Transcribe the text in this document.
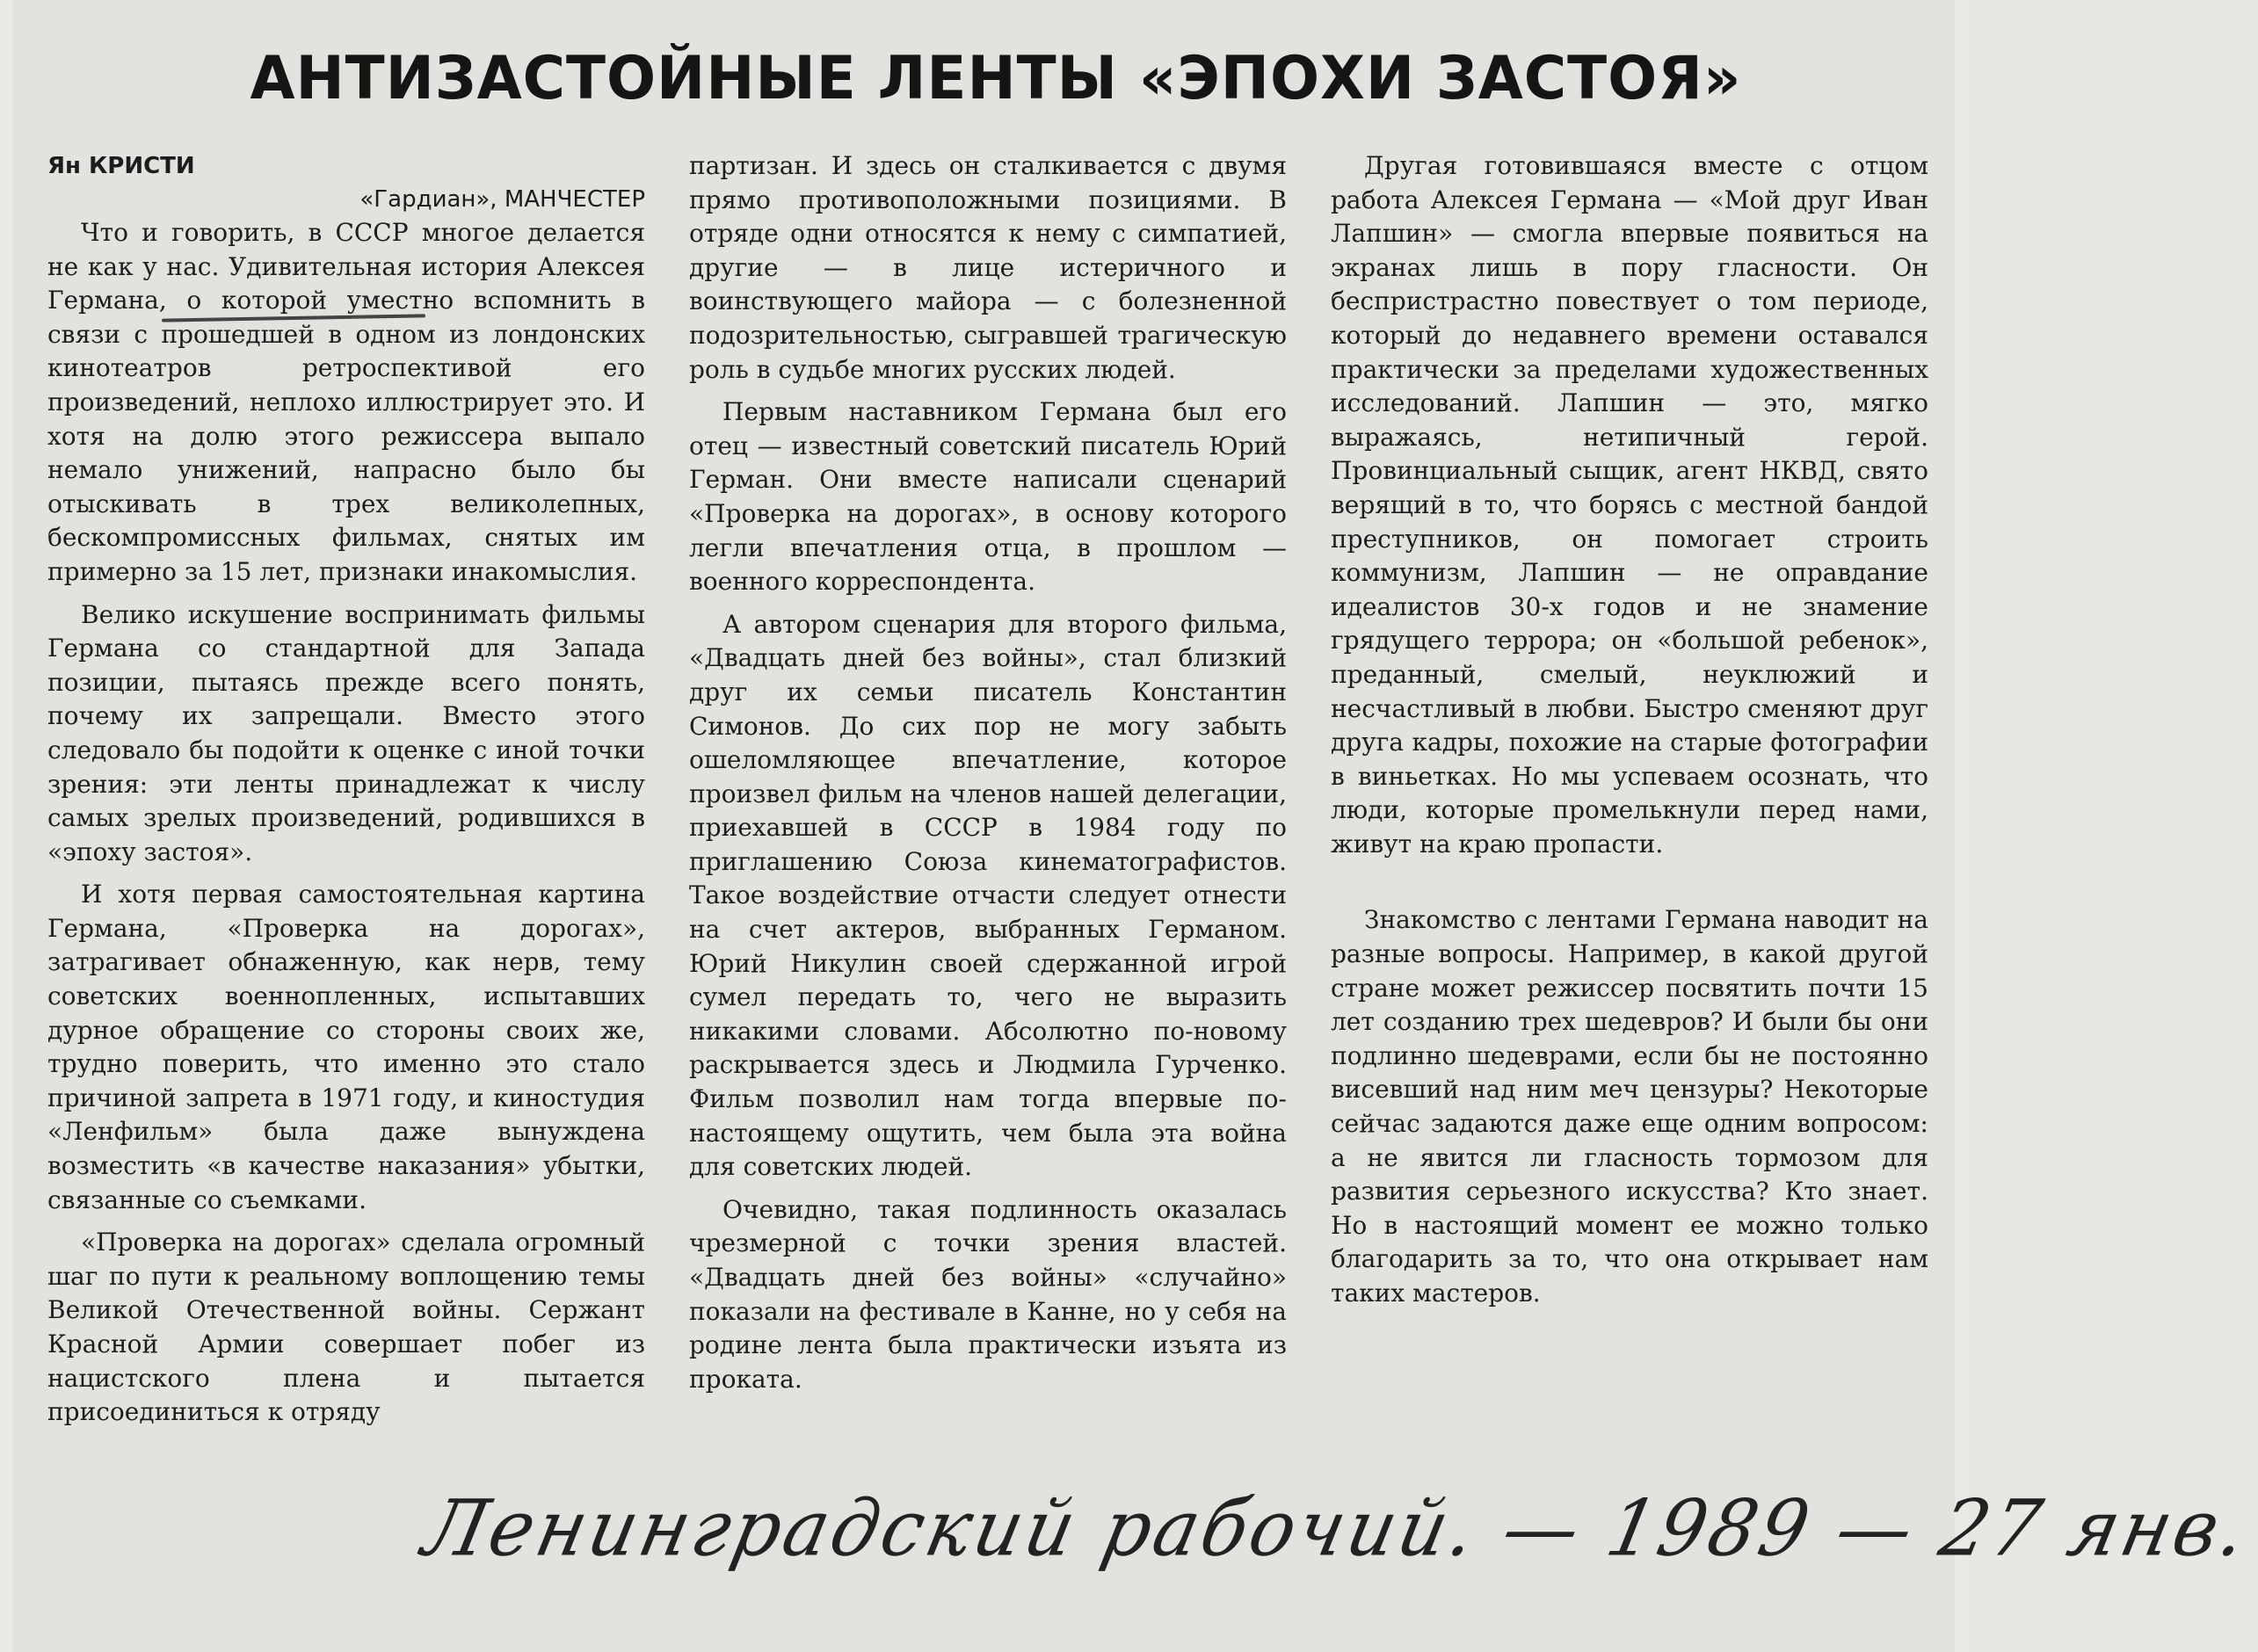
АНТИЗАСТОЙНЫЕ ЛЕНТЫ «ЭПОХИ ЗАСТОЯ»
Ян КРИСТИ
«Гардиан», МАНЧЕСТЕР

Что и говорить, в СССР многое делается не как у нас. Удивительная история Алексея Германа, о которой уместно вспомнить в связи с прошедшей в одном из лондонских кинотеатров ретроспективой его произведений, неплохо иллюстрирует это. И хотя на долю этого режиссера выпало немало унижений, напрасно было бы отыскивать в трех великолепных, бескомпромиссных фильмах, снятых им примерно за 15 лет, признаки инакомыслия.

Велико искушение воспринимать фильмы Германа со стандартной для Запада позиции, пытаясь прежде всего понять, почему их запрещали. Вместо этого следовало бы подойти к оценке с иной точки зрения: эти ленты принадлежат к числу самых зрелых произведений, родившихся в «эпоху застоя».

И хотя первая самостоятельная картина Германа, «Проверка на дорогах», затрагивает обнаженную, как нерв, тему советских военнопленных, испытавших дурное обращение со стороны своих же, трудно поверить, что именно это стало причиной запрета в 1971 году, и киностудия «Ленфильм» была даже вынуждена возместить «в качестве наказания» убытки, связанные со съемками.

«Проверка на дорогах» сделала огромный шаг по пути к реальному воплощению темы Великой Отечественной войны. Сержант Красной Армии совершает побег из нацистского плена и пытается присоединиться к отряду

партизан. И здесь он сталкивается с двумя прямо противоположными позициями. В отряде одни относятся к нему с симпатией, другие — в лице истеричного и воинствующего майора — с болезненной подозрительностью, сыгравшей трагическую роль в судьбе многих русских людей.

Первым наставником Германа был его отец — известный советский писатель Юрий Герман. Они вместе написали сценарий «Проверка на дорогах», в основу которого легли впечатления отца, в прошлом — военного корреспондента.

А автором сценария для второго фильма, «Двадцать дней без войны», стал близкий друг их семьи писатель Константин Симонов. До сих пор не могу забыть ошеломляющее впечатление, которое произвел фильм на членов нашей делегации, приехавшей в СССР в 1984 году по приглашению Союза кинематографистов. Такое воздействие отчасти следует отнести на счет актеров, выбранных Германом. Юрий Никулин своей сдержанной игрой сумел передать то, чего не выразить никакими словами. Абсолютно по-новому раскрывается здесь и Людмила Гурченко. Фильм позволил нам тогда впервые по-настоящему ощутить, чем была эта война для советских людей.

Очевидно, такая подлинность оказалась чрезмерной с точки зрения властей. «Двадцать дней без войны» «случайно» показали на фестивале в Канне, но у себя на родине лента была практически изъята из проката.

Другая готовившаяся вместе с отцом работа Алексея Германа — «Мой друг Иван Лапшин» — смогла впервые появиться на экранах лишь в пору гласности. Он беспристрастно повествует о том периоде, который до недавнего времени оставался практически за пределами художественных исследований. Лапшин — это, мягко выражаясь, нетипичный герой. Провинциальный сыщик, агент НКВД, свято верящий в то, что борясь с местной бандой преступников, он помогает строить коммунизм, Лапшин — не оправдание идеалистов 30-х годов и не знамение грядущего террора; он «большой ребенок», преданный, смелый, неуклюжий и несчастливый в любви. Быстро сменяют друг друга кадры, похожие на старые фотографии в виньетках. Но мы успеваем осознать, что люди, которые промелькнули перед нами, живут на краю пропасти.

Знакомство с лентами Германа наводит на разные вопросы. Например, в какой другой стране может режиссер посвятить почти 15 лет созданию трех шедевров? И были бы они подлинно шедеврами, если бы не постоянно висевший над ним меч цензуры? Некоторые сейчас задаются даже еще одним вопросом: а не явится ли гласность тормозом для развития серьезного искусства? Кто знает. Но в настоящий момент ее можно только благодарить за то, что она открывает нам таких мастеров.

Ленинградский рабочий. — 1989 — 27 янв.
